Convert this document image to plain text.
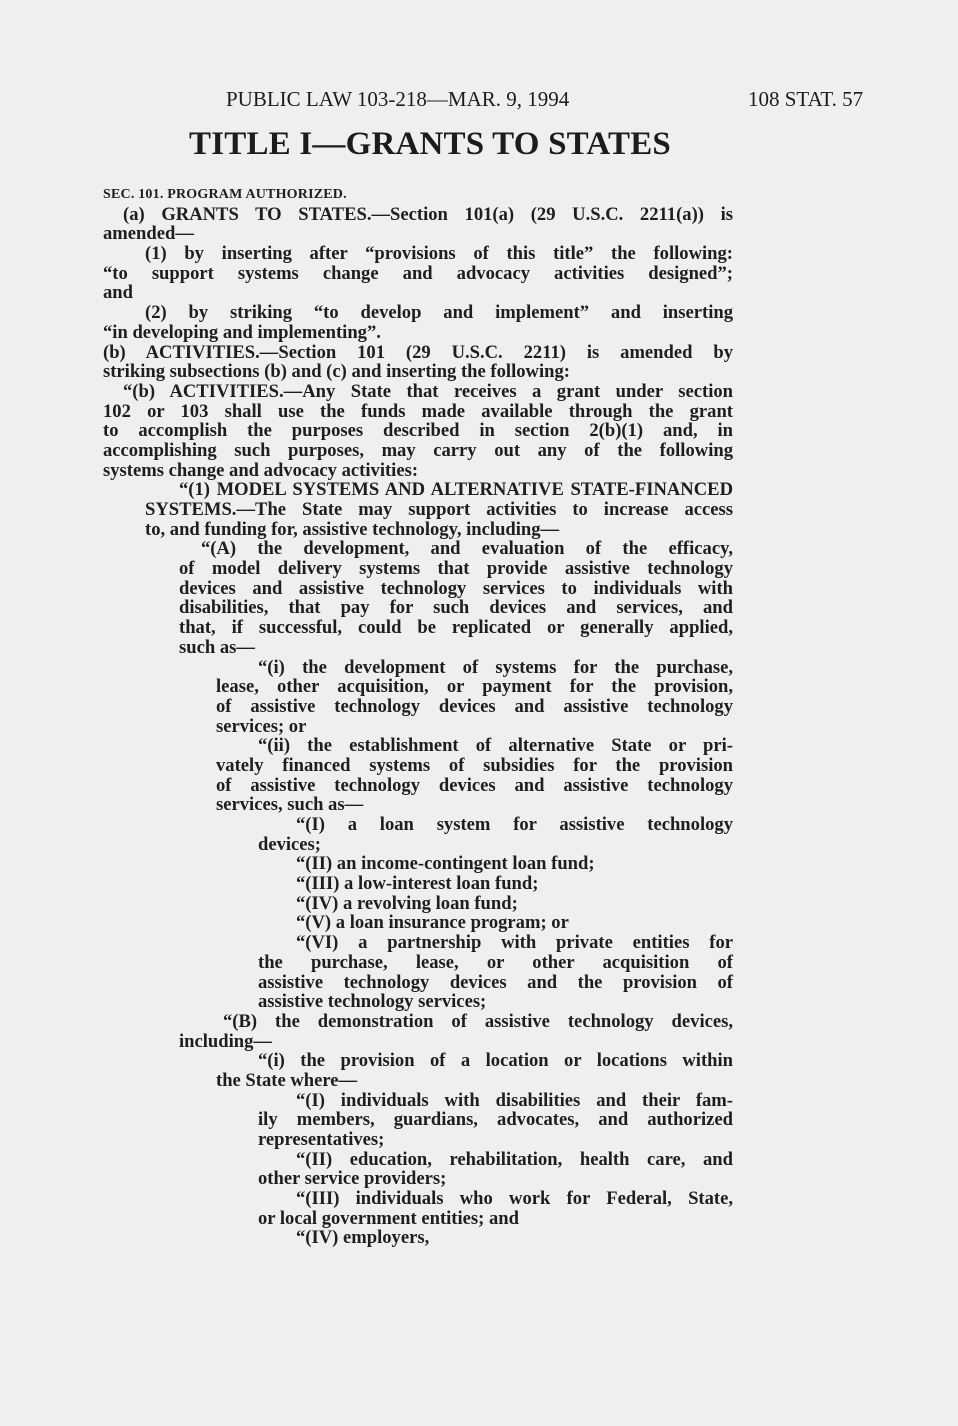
PUBLIC LAW 103-218—MAR. 9, 1994	108 STAT. 57
TITLE I—GRANTS TO STATES
SEC. 101. PROGRAM AUTHORIZED.
(a) GRANTS TO STATES.—Section 101(a) (29 U.S.C. 2211(a)) is
amended—
(1) by inserting after “provisions of this title” the following:
“to support systems change and advocacy activities designed”;
and
(2) by striking “to develop and implement” and inserting
“in developing and implementing”.
(b) ACTIVITIES.—Section 101 (29 U.S.C. 2211) is amended by
striking subsections (b) and (c) and inserting the following:
“(b) ACTIVITIES.—Any State that receives a grant under section
102 or 103 shall use the funds made available through the grant
to accomplish the purposes described in section 2(b)(1) and, in
accomplishing such purposes, may carry out any of the following
systems change and advocacy activities:
“(1) MODEL SYSTEMS AND ALTERNATIVE STATE-FINANCED
SYSTEMS.—The State may support activities to increase access
to, and funding for, assistive technology, including—
“(A) the development, and evaluation of the efficacy,
of model delivery systems that provide assistive technology
devices and assistive technology services to individuals with
disabilities, that pay for such devices and services, and
that, if successful, could be replicated or generally applied,
such as—
“(i) the development of systems for the purchase,
lease, other acquisition, or payment for the provision,
of assistive technology devices and assistive technology
services; or
“(ii) the establishment of alternative State or pri-
vately financed systems of subsidies for the provision
of assistive technology devices and assistive technology
services, such as—
“(I) a loan system for assistive technology
devices;
“(II) an income-contingent loan fund;
“(III) a low-interest loan fund;
“(IV) a revolving loan fund;
“(V) a loan insurance program; or
“(VI) a partnership with private entities for
the purchase, lease, or other acquisition of
assistive technology devices and the provision of
assistive technology services;
“(B) the demonstration of assistive technology devices,
including—
“(i) the provision of a location or locations within
the State where—
“(I) individuals with disabilities and their fam-
ily members, guardians, advocates, and authorized
representatives;
“(II) education, rehabilitation, health care, and
other service providers;
“(III) individuals who work for Federal, State,
or local government entities; and
“(IV) employers,
